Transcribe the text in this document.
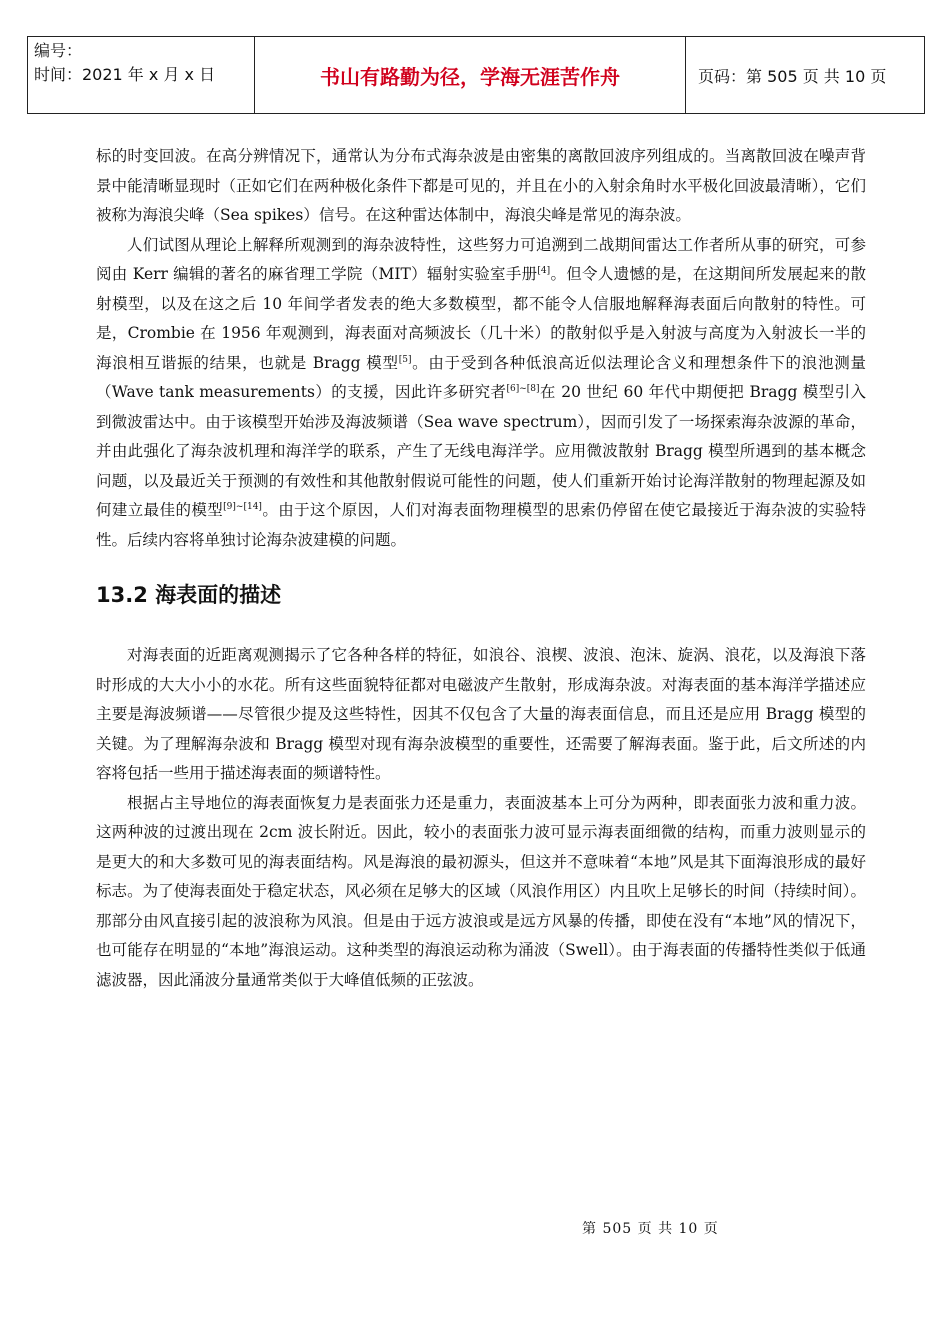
编号：
时间：2021 年 x 月 x 日	书山有路勤为径，学海无涯苦作舟	页码：第 505 页 共 10 页

标的时变回波。在高分辨情况下，通常认为分布式海杂波是由密集的离散回波序列组成的。当离散回波在噪声背景中能清晰显现时（正如它们在两种极化条件下都是可见的，并且在小的入射余角时水平极化回波最清晰），它们被称为海浪尖峰（Sea spikes）信号。在这种雷达体制中，海浪尖峰是常见的海杂波。

人们试图从理论上解释所观测到的海杂波特性，这些努力可追溯到二战期间雷达工作者所从事的研究，可参阅由 Kerr 编辑的著名的麻省理工学院（MIT）辐射实验室手册[4]。但令人遗憾的是，在这期间所发展起来的散射模型，以及在这之后 10 年间学者发表的绝大多数模型，都不能令人信服地解释海表面后向散射的特性。可是，Crombie 在 1956 年观测到，海表面对高频波长（几十米）的散射似乎是入射波与高度为入射波长一半的海浪相互谐振的结果，也就是 Bragg 模型[5]。由于受到各种低浪高近似法理论含义和理想条件下的浪池测量（Wave tank measurements）的支援，因此许多研究者[6]~[8]在 20 世纪 60 年代中期便把 Bragg 模型引入到微波雷达中。由于该模型开始涉及海波频谱（Sea wave spectrum），因而引发了一场探索海杂波源的革命，并由此强化了海杂波机理和海洋学的联系，产生了无线电海洋学。应用微波散射 Bragg 模型所遇到的基本概念问题，以及最近关于预测的有效性和其他散射假说可能性的问题，使人们重新开始讨论海洋散射的物理起源及如何建立最佳的模型[9]~[14]。由于这个原因，人们对海表面物理模型的思索仍停留在使它最接近于海杂波的实验特性。后续内容将单独讨论海杂波建模的问题。

13.2 海表面的描述

对海表面的近距离观测揭示了它各种各样的特征，如浪谷、浪楔、波浪、泡沫、旋涡、浪花，以及海浪下落时形成的大大小小的水花。所有这些面貌特征都对电磁波产生散射，形成海杂波。对海表面的基本海洋学描述应主要是海波频谱——尽管很少提及这些特性，因其不仅包含了大量的海表面信息，而且还是应用 Bragg 模型的关键。为了理解海杂波和 Bragg 模型对现有海杂波模型的重要性，还需要了解海表面。鉴于此，后文所述的内容将包括一些用于描述海表面的频谱特性。

根据占主导地位的海表面恢复力是表面张力还是重力，表面波基本上可分为两种，即表面张力波和重力波。这两种波的过渡出现在 2cm 波长附近。因此，较小的表面张力波可显示海表面细微的结构，而重力波则显示的是更大的和大多数可见的海表面结构。风是海浪的最初源头，但这并不意味着“本地”风是其下面海浪形成的最好标志。为了使海表面处于稳定状态，风必须在足够大的区域（风浪作用区）内且吹上足够长的时间（持续时间）。那部分由风直接引起的波浪称为风浪。但是由于远方波浪或是远方风暴的传播，即使在没有“本地”风的情况下，也可能存在明显的“本地”海浪运动。这种类型的海浪运动称为涌波（Swell）。由于海表面的传播特性类似于低通滤波器，因此涌波分量通常类似于大峰值低频的正弦波。

第 505 页 共 10 页
